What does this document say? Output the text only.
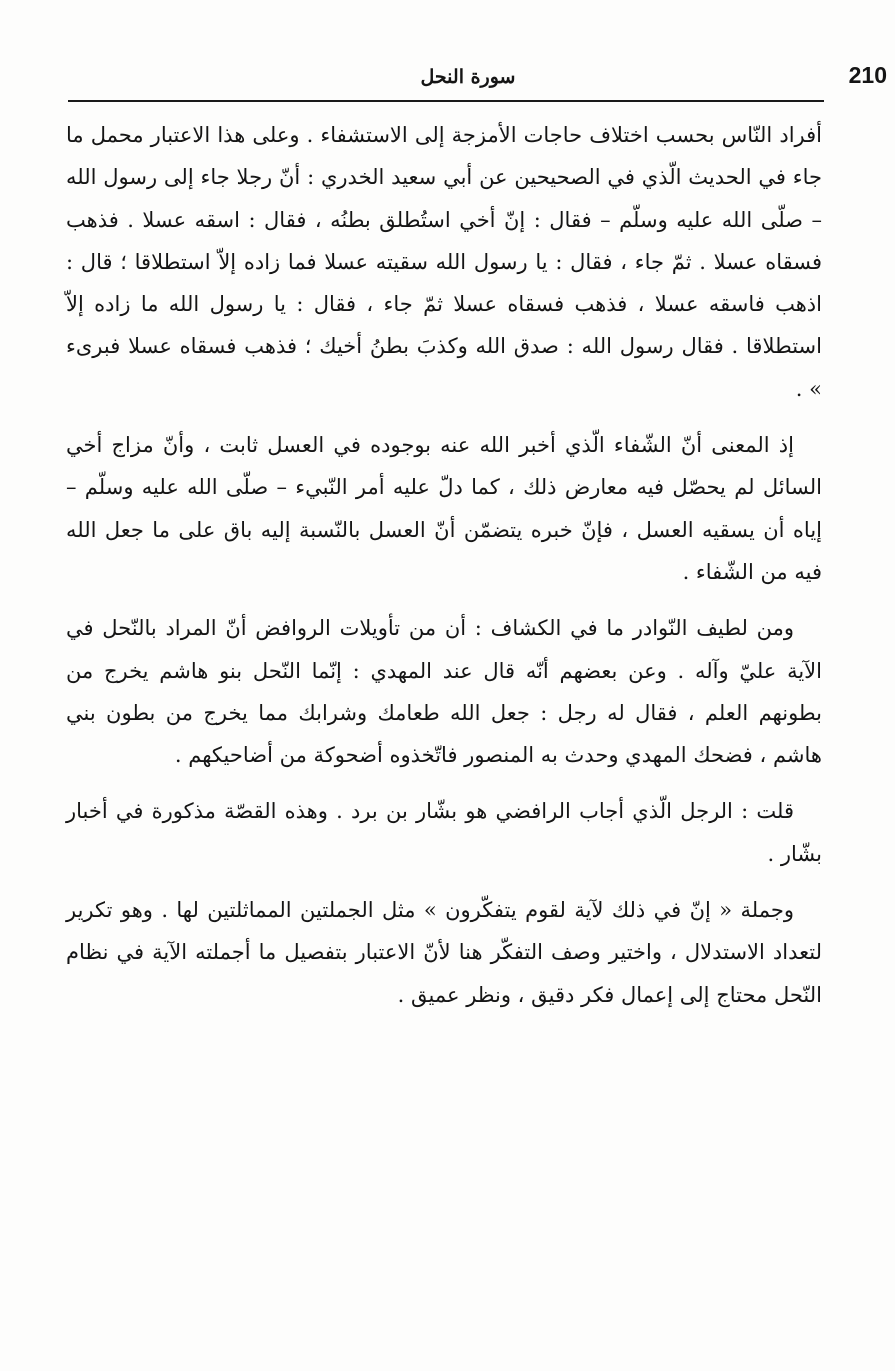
210
سورة النحل

أفراد النّاس بحسب اختلاف حاجات الأمزجة إلى الاستشفاء . وعلى هذا الاعتبار محمل ما جاء في الحديث الّذي في الصحيحين عن أبي سعيد الخدري : أنّ رجلا جاء إلى رسول الله – صلّى الله عليه وسلّم – فقال : إنّ أخي استُطلق بطنُه ، فقال : اسقه عسلا . فذهب فسقاه عسلا . ثمّ جاء ، فقال : يا رسول الله سقيته عسلا فما زاده إلاّ استطلاقا ؛ قال : اذهب فاسقه عسلا ، فذهب فسقاه عسلا ثمّ جاء ، فقال : يا رسول الله ما زاده إلاّ استطلاقا . فقال رسول الله : صدق الله وكذبَ بطنُ أخيك ؛ فذهب فسقاه عسلا فبرىء » .

إذ المعنى أنّ الشّفاء الّذي أخبر الله عنه بوجوده في العسل ثابت ، وأنّ مزاج أخي السائل لم يحصّل فيه معارض ذلك ، كما دلّ عليه أمر النّبيء – صلّى الله عليه وسلّم – إياه أن يسقيه العسل ، فإنّ خبره يتضمّن أنّ العسل بالنّسبة إليه باق على ما جعل الله فيه من الشّفاء .

ومن لطيف النّوادر ما في الكشاف : أن من تأويلات الروافض أنّ المراد بالنّحل في الآية عليّ وآله . وعن بعضهم أنّه قال عند المهدي : إنّما النّحل بنو هاشم يخرج من بطونهم العلم ، فقال له رجل : جعل الله طعامك وشرابك مما يخرج من بطون بني هاشم ، فضحك المهدي وحدث به المنصور فاتّخذوه أضحوكة من أضاحيكهم .

قلت : الرجل الّذي أجاب الرافضي هو بشّار بن برد . وهذه القصّة مذكورة في أخبار بشّار .

وجملة « إنّ في ذلك لآية لقوم يتفكّرون » مثل الجملتين المماثلتين لها . وهو تكرير لتعداد الاستدلال ، واختير وصف التفكّر هنا لأنّ الاعتبار بتفصيل ما أجملته الآية في نظام النّحل محتاج إلى إعمال فكر دقيق ، ونظر عميق .
